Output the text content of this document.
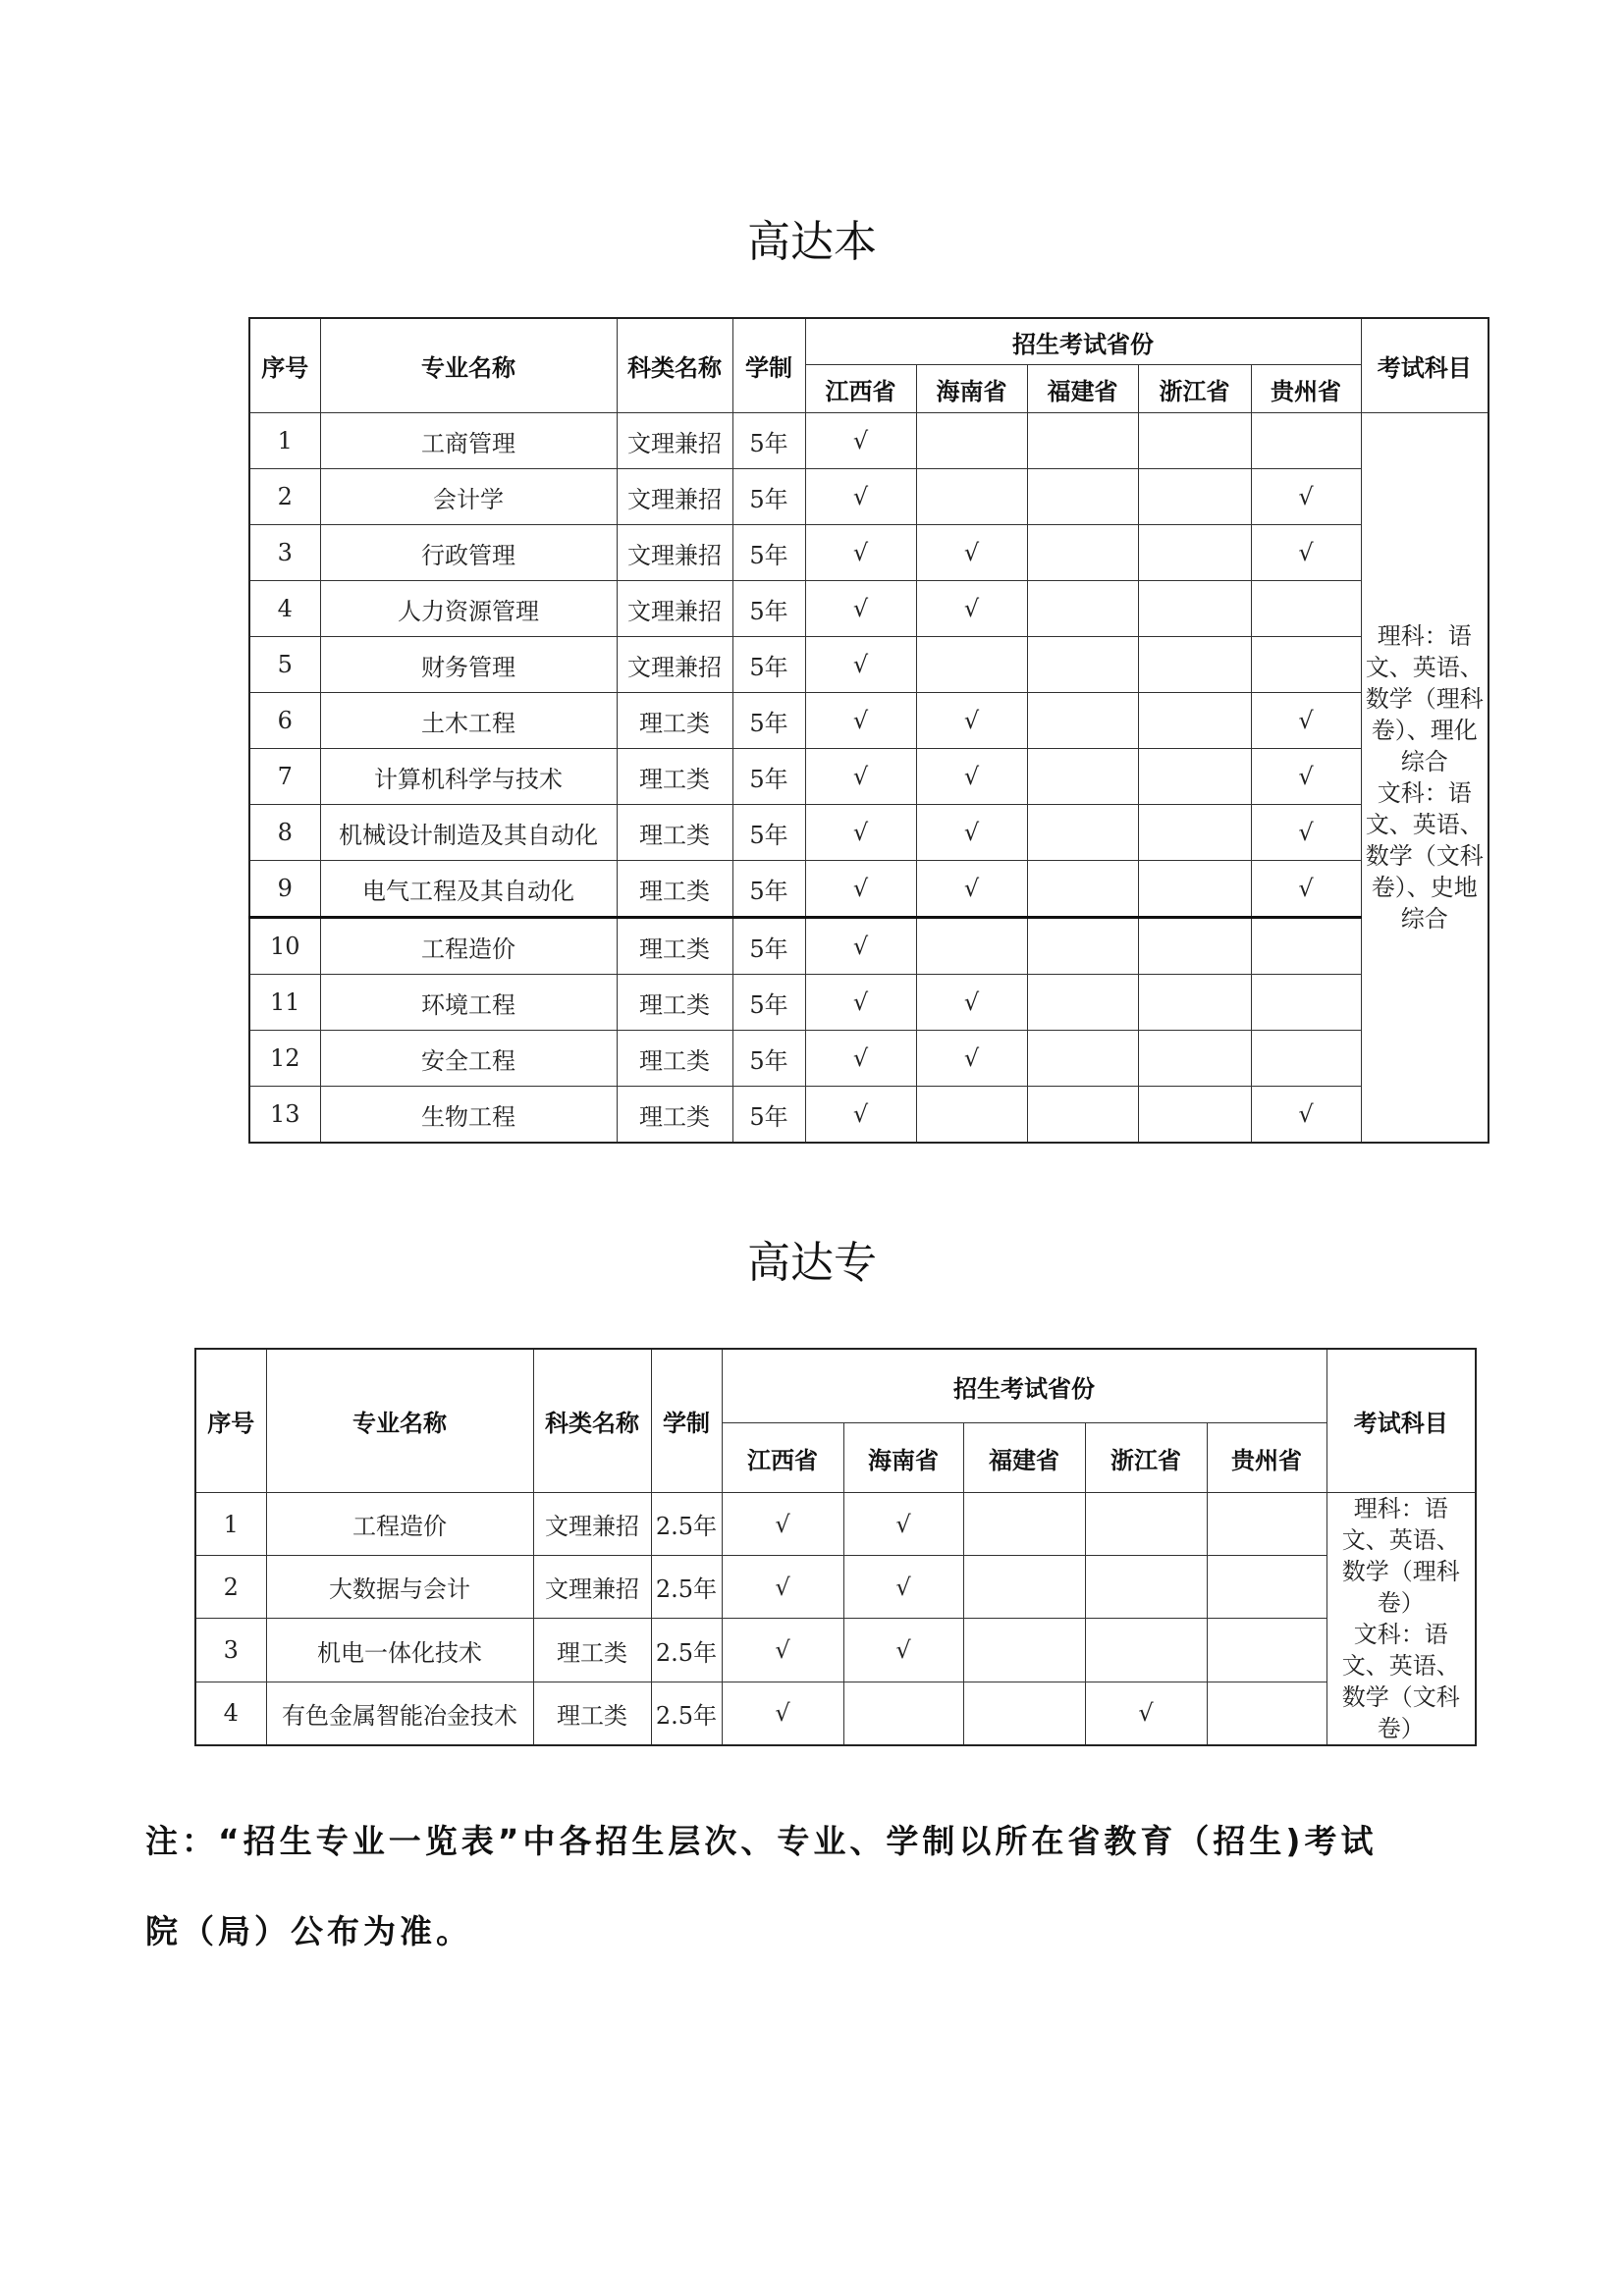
高达本
序号	专业名称	科类名称	学制	招生考试省份					考试科目
				江西省	海南省	福建省	浙江省	贵州省	
1	工商管理	文理兼招	5年	√					理科：语文、英语、数学（理科卷）、理化综合
文科：语文、英语、数学（文科卷）、史地综合
2	会计学	文理兼招	5年	√				√	
3	行政管理	文理兼招	5年	√	√			√	
4	人力资源管理	文理兼招	5年	√	√				
5	财务管理	文理兼招	5年	√					
6	土木工程	理工类	5年	√	√			√	
7	计算机科学与技术	理工类	5年	√	√			√	
8	机械设计制造及其自动化	理工类	5年	√	√			√	
9	电气工程及其自动化	理工类	5年	√	√			√	
10	工程造价	理工类	5年	√					
11	环境工程	理工类	5年	√	√				
12	安全工程	理工类	5年	√	√				
13	生物工程	理工类	5年	√				√	
高达专
序号	专业名称	科类名称	学制	招生考试省份					考试科目
				江西省	海南省	福建省	浙江省	贵州省	
1	工程造价	文理兼招	2.5年	√	√				理科：语文、英语、数学（理科卷）
文科：语文、英语、数学（文科卷）
2	大数据与会计	文理兼招	2.5年	√	√				
3	机电一体化技术	理工类	2.5年	√	√				
4	有色金属智能冶金技术	理工类	2.5年	√			√		

注：“招生专业一览表”中各招生层次、专业、学制以所在省教育（招生)考试

院（局）公布为准。
